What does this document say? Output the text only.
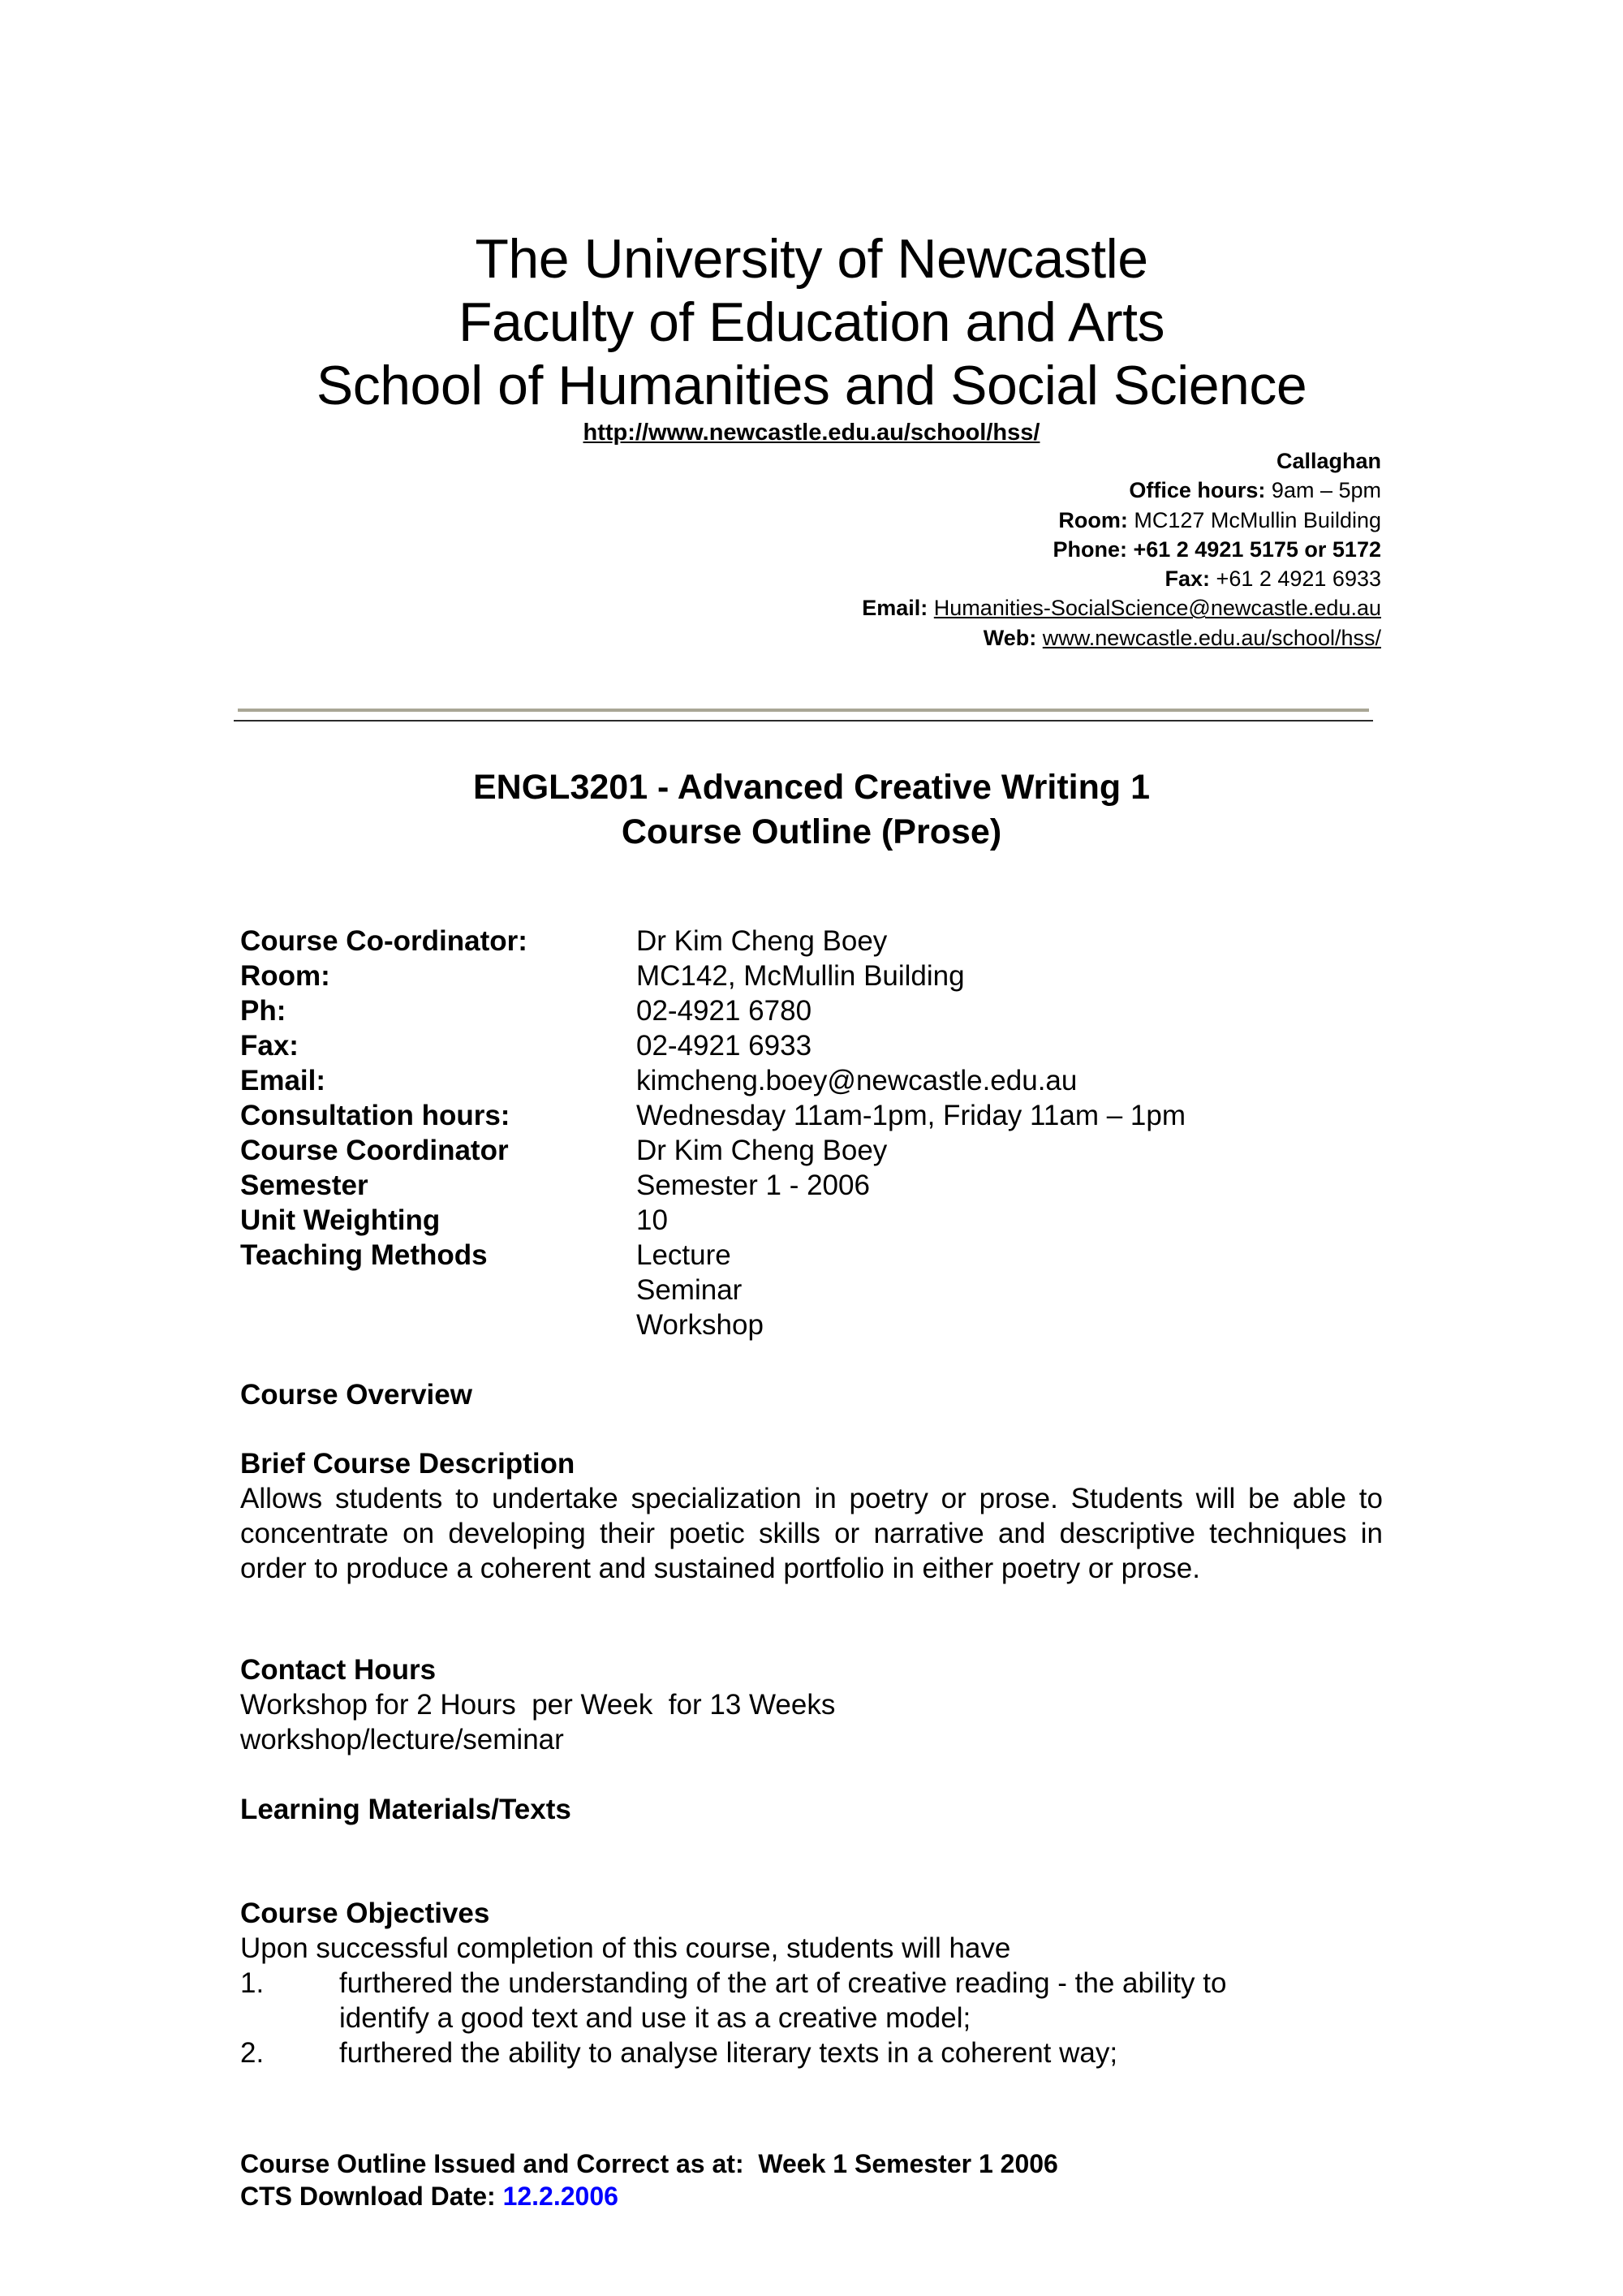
The University of Newcastle
Faculty of Education and Arts
School of Humanities and Social Science
http://www.newcastle.edu.au/school/hss/
Callaghan
Office hours: 9am – 5pm
Room: MC127 McMullin Building
Phone: +61 2 4921 5175 or 5172
Fax: +61 2 4921 6933
Email: Humanities-SocialScience@newcastle.edu.au
Web: www.newcastle.edu.au/school/hss/
ENGL3201 - Advanced Creative Writing 1
Course Outline (Prose)
Course Co-ordinator:	Dr Kim Cheng Boey
Room:	MC142, McMullin Building
Ph:	02-4921 6780
Fax:	02-4921 6933
Email:	kimcheng.boey@newcastle.edu.au
Consultation hours:	Wednesday 11am-1pm, Friday 11am – 1pm
Course Coordinator	Dr Kim Cheng Boey
Semester	Semester 1 - 2006
Unit Weighting	10
Teaching Methods	Lecture
Seminar
Workshop
Course Overview
Brief Course Description
Allows students to undertake specialization in poetry or prose. Students will be able to concentrate on developing their poetic skills or narrative and descriptive techniques in order to produce a coherent and sustained portfolio in either poetry or prose.
Contact Hours
Workshop for 2 Hours  per Week  for 13 Weeks
workshop/lecture/seminar
Learning Materials/Texts
Course Objectives
Upon successful completion of this course, students will have
1.	furthered the understanding of the art of creative reading - the ability to identify a good text and use it as a creative model;
2.	furthered the ability to analyse literary texts in a coherent way;
Course Outline Issued and Correct as at:  Week 1 Semester 1 2006
CTS Download Date: 12.2.2006
